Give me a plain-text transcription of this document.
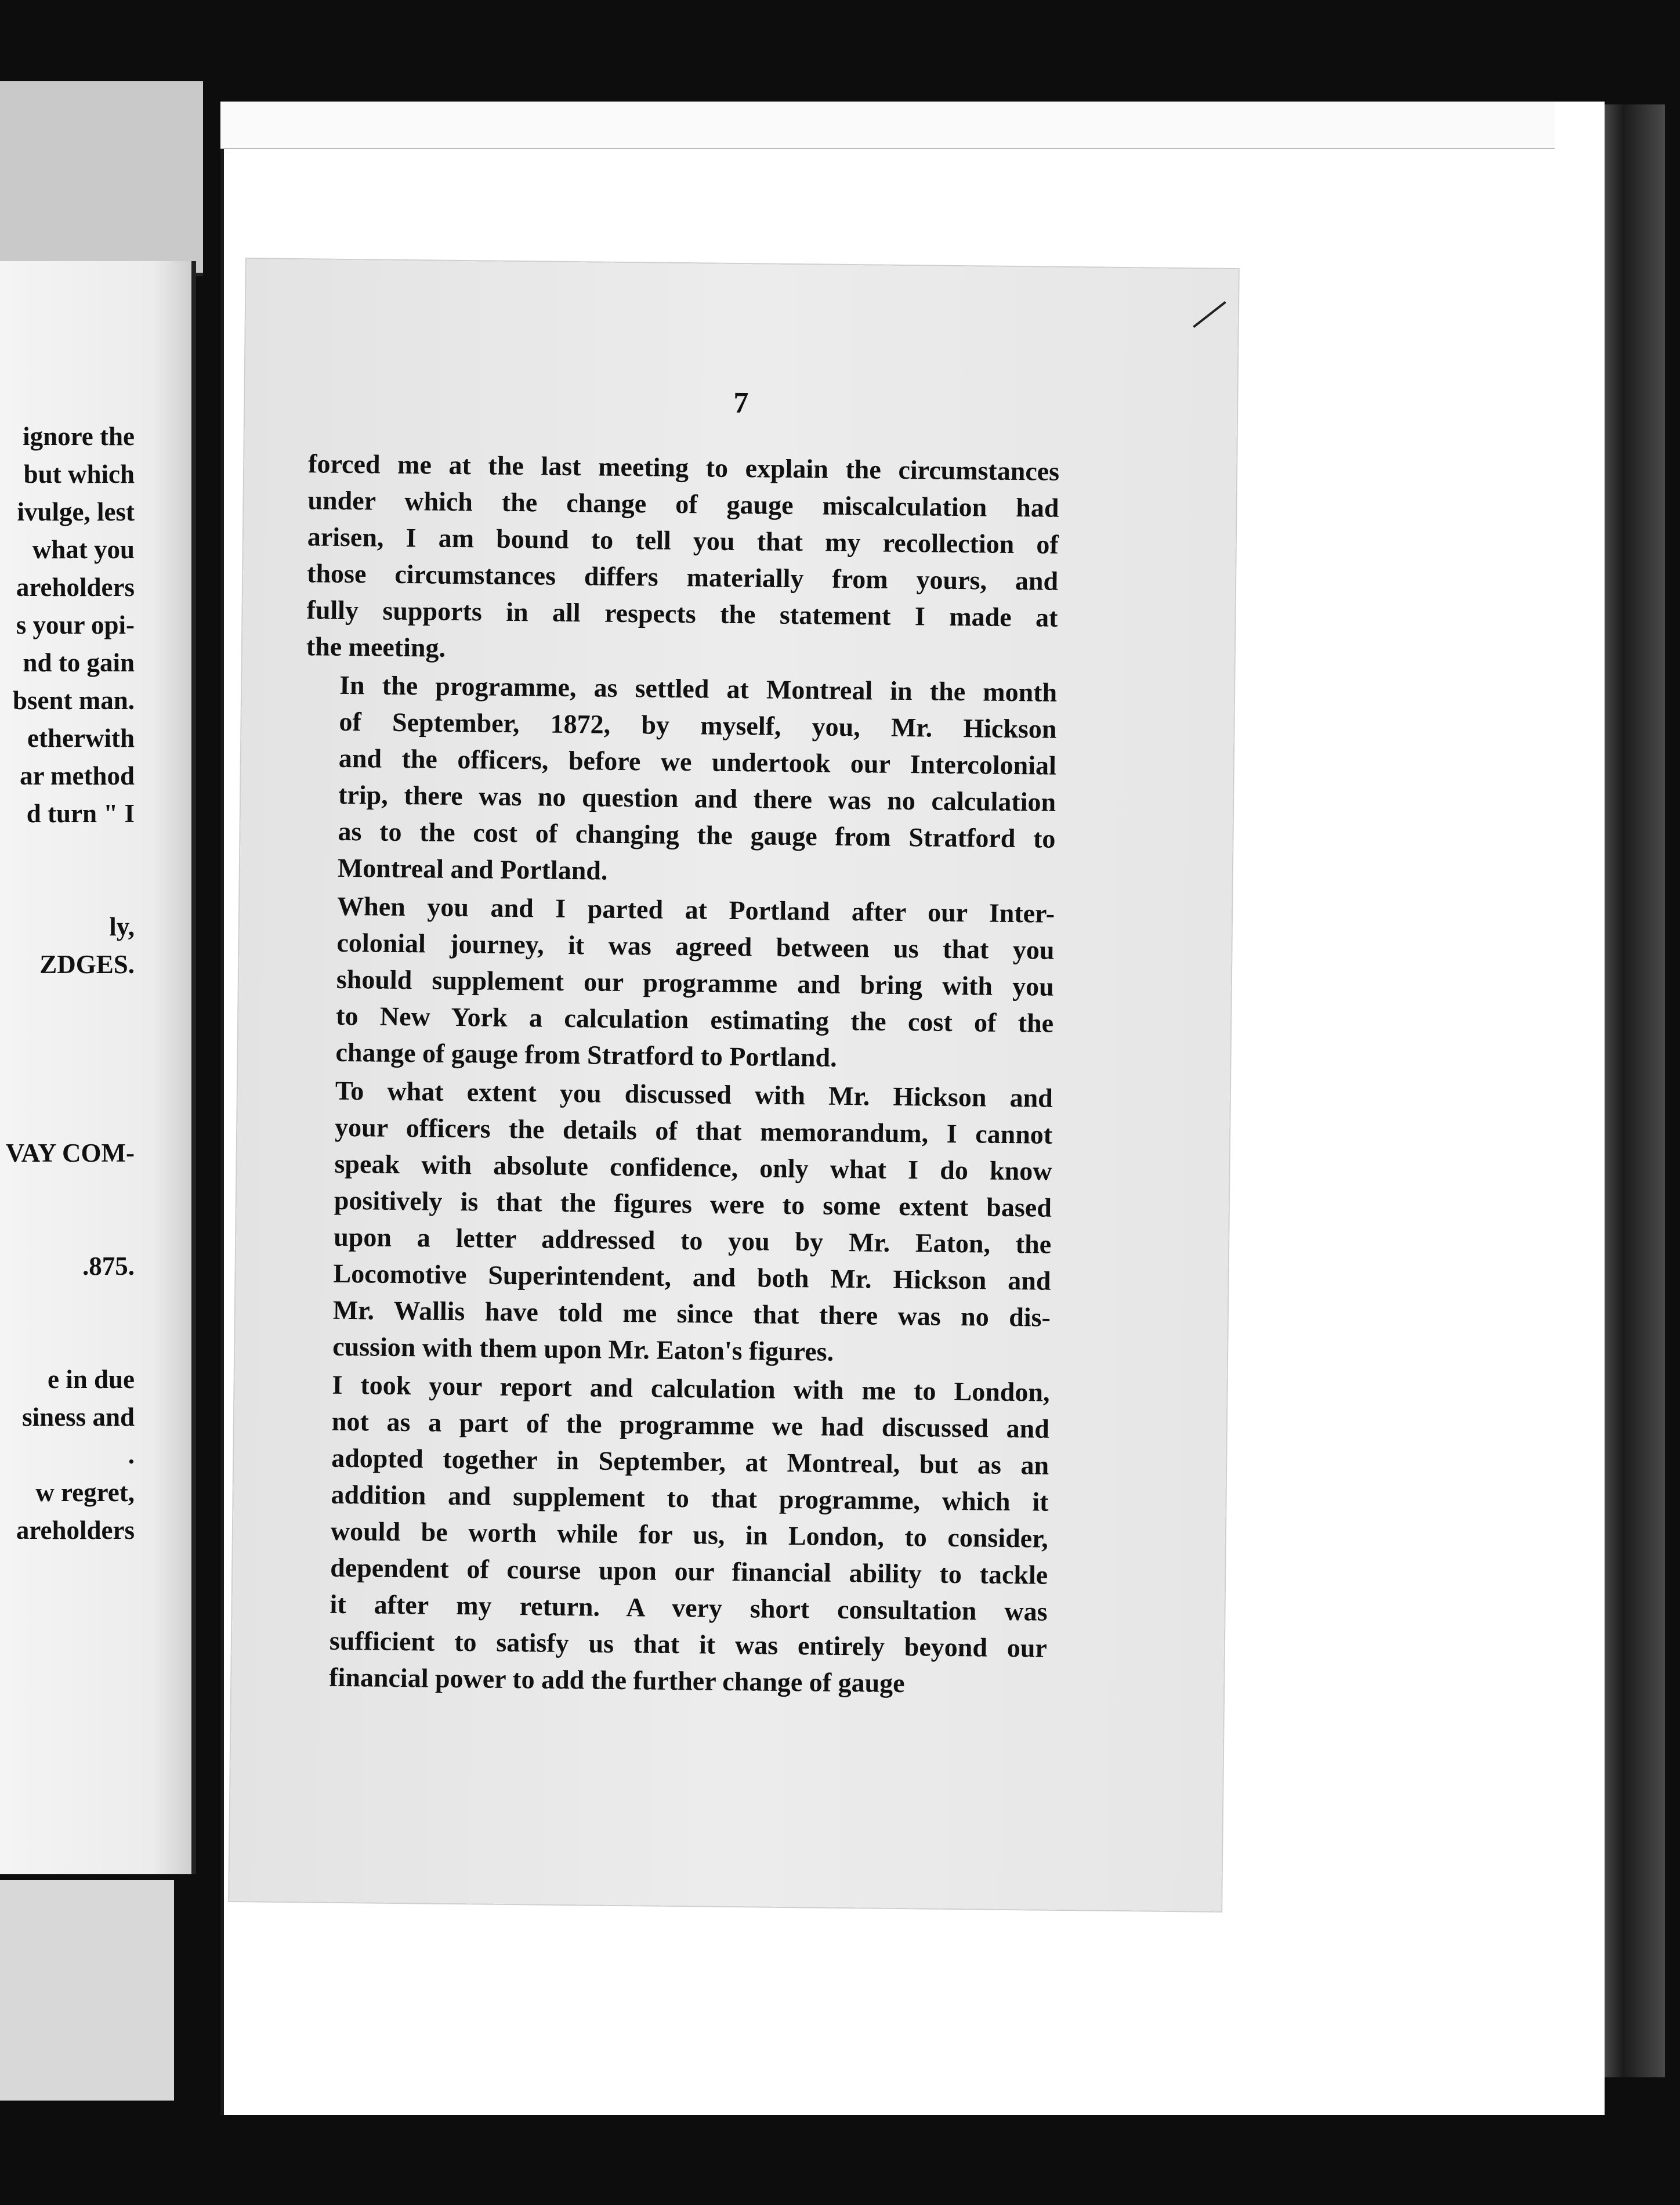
ignore the
but which
ivulge, lest
what you
areholders
s your opi-
nd to gain
bsent man.
etherwith
ar method
d turn " I
ly,
ZDGES.
VAY COM-
.875.
e in due
siness and
.
w regret,
areholders
7
forced me at the last meeting to explain the circumstances
under which the change of gauge miscalculation had
arisen, I am bound to tell you that my recollection of
those circumstances differs materially from yours, and
fully supports in all respects the statement I made at
the meeting.
In the programme, as settled at Montreal in the month
of September, 1872, by myself, you, Mr. Hickson
and the officers, before we undertook our Intercolonial
trip, there was no question and there was no calculation
as to the cost of changing the gauge from Stratford to
Montreal and Portland.
When you and I parted at Portland after our Inter-
colonial journey, it was agreed between us that you
should supplement our programme and bring with you
to New York a calculation estimating the cost of the
change of gauge from Stratford to Portland.
To what extent you discussed with Mr. Hickson and
your officers the details of that memorandum, I cannot
speak with absolute confidence, only what I do know
positively is that the figures were to some extent based
upon a letter addressed to you by Mr. Eaton, the
Locomotive Superintendent, and both Mr. Hickson and
Mr. Wallis have told me since that there was no dis-
cussion with them upon Mr. Eaton's figures.
I took your report and calculation with me to London,
not as a part of the programme we had discussed and
adopted together in September, at Montreal, but as an
addition and supplement to that programme, which it
would be worth while for us, in London, to consider,
dependent of course upon our financial ability to tackle
it after my return. A very short consultation was
sufficient to satisfy us that it was entirely beyond our
financial power to add the further change of gauge
